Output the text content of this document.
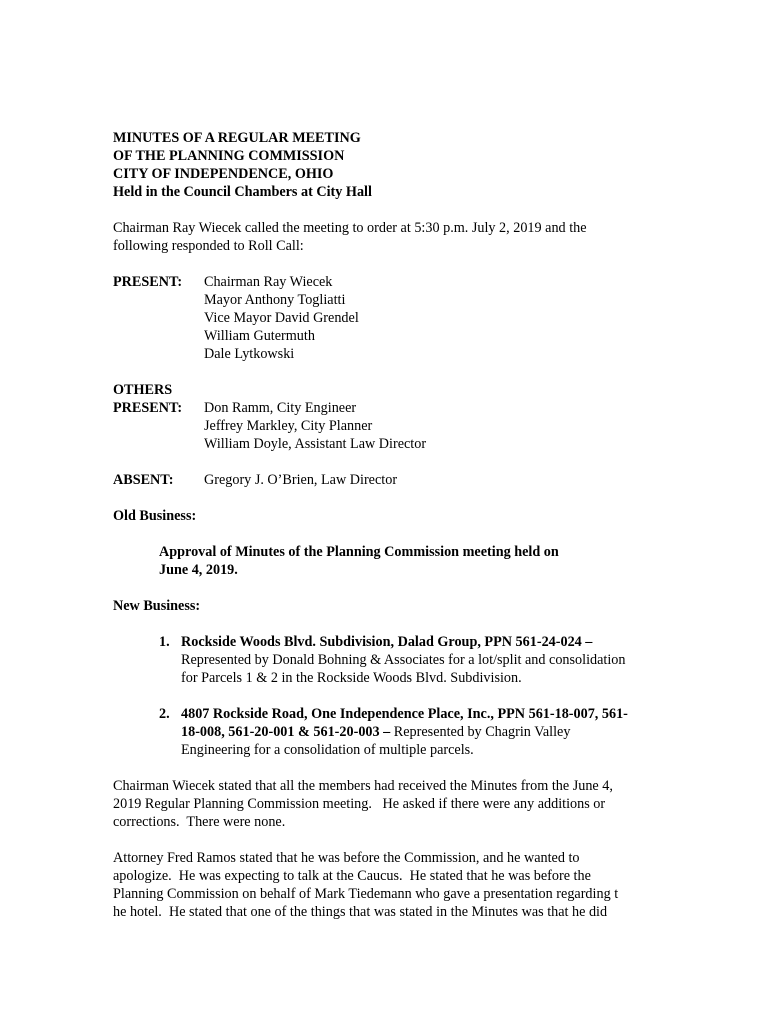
MINUTES OF A REGULAR MEETING

OF THE PLANNING COMMISSION

CITY OF INDEPENDENCE, OHIO

Held in the Council Chambers at City Hall

Chairman Ray Wiecek called the meeting to order at 5:30 p.m. July 2, 2019 and the
following responded to Roll Call:
PRESENT:	Chairman Ray Wiecek
Mayor Anthony Togliatti
Vice Mayor David Grendel
William Gutermuth
Dale Lytkowski
OTHERS
PRESENT:	Don Ramm, City Engineer
Jeffrey Markley, City Planner
William Doyle, Assistant Law Director
ABSENT:	Gregory J. O’Brien, Law Director
Old Business:
Approval of Minutes of the Planning Commission meeting held on
June 4, 2019.
New Business:
1. Rockside Woods Blvd. Subdivision, Dalad Group, PPN 561-24-024 –
Represented by Donald Bohning & Associates for a lot/split and consolidation
for Parcels 1 & 2 in the Rockside Woods Blvd. Subdivision.
2. 4807 Rockside Road, One Independence Place, Inc., PPN 561-18-007, 561-
18-008, 561-20-001 & 561-20-003 – Represented by Chagrin Valley
Engineering for a consolidation of multiple parcels.
Chairman Wiecek stated that all the members had received the Minutes from the June 4,
2019 Regular Planning Commission meeting.   He asked if there were any additions or
corrections.  There were none.
Attorney Fred Ramos stated that he was before the Commission, and he wanted to
apologize.  He was expecting to talk at the Caucus.  He stated that he was before the
Planning Commission on behalf of Mark Tiedemann who gave a presentation regarding t
he hotel.  He stated that one of the things that was stated in the Minutes was that he did
